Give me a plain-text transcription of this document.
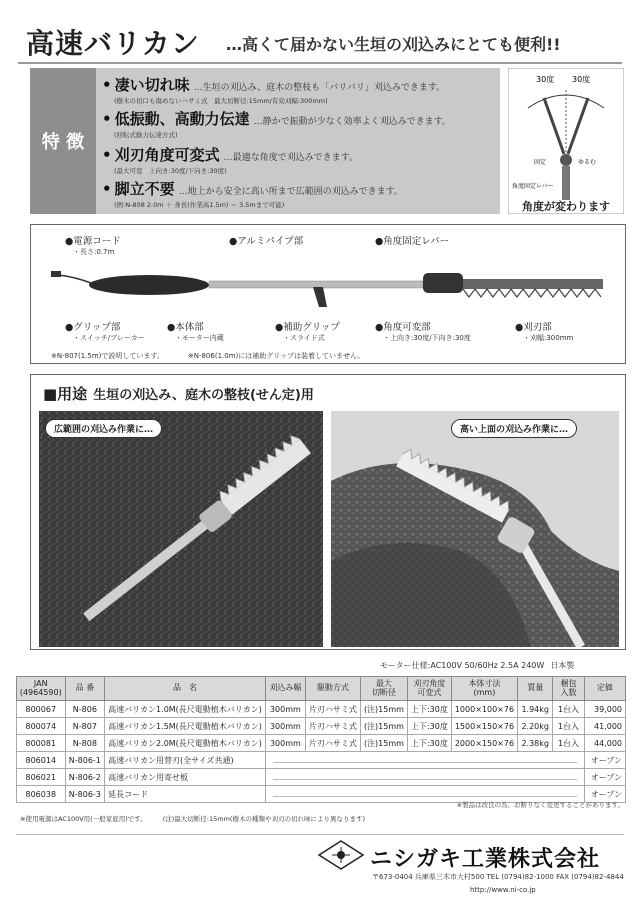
高速バリカン …高くて届かない生垣の刈込みにとても便利!!
特 徴
• 凄い切れ味 …生垣の刈込み、庭木の整枝も「バリバリ」刈込みできます。
(樹木の切口も傷めないハサミ式　最大切断径:15mm/有効刈幅:300mm)
• 低振動、高動力伝達 …静かで振動が少なく効率よく刈込みできます。
(回転式動力伝達方式)
• 刈刃角度可変式 …最適な角度で刈込みできます。
(最大可変　上向き:30度/下向き:30度)
• 脚立不要 …地上から安全に高い所まで広範囲の刈込みできます。
(例:N-808 2.0m ＋ 身長(作業高1.5m) ＝ 3.5mまで可能)
30度 30度
固定	ゆるむ
角度固定レバー
角度が変わります
●電源コード
・長さ:0.7m
●アルミパイプ部	●角度固定レバー
●グリップ部
・スイッチ/ブレーカー
●本体部
・モーター内蔵
●補助グリップ
・スライド式
●角度可変部
・上向き:30度/下向き:30度
●刈刃部
・刈幅:300mm
※N-807(1.5m)で説明しています。	※N-806(1.0m)には補助グリップは装着していません。
■用途 生垣の刈込み、庭木の整枝(せん定)用
広範囲の刈込み作業に…	高い上面の刈込み作業に…
モーター仕様:AC100V 50/60Hz 2.5A 240W 日本製
JAN
(4964590)	品 番	品　名	刈込み幅	駆動方式	最大
切断径	刈刃角度
可変式	本体寸法
(mm)	質量	梱包
入数	定価
800067	N-806	高速バリカン1.0M(長尺電動植木バリカン)	300mm	片刃ハサミ式	(注)15mm	上下:30度	1000×100×76	1.94kg	1台入	39,000
800074	N-807	高速バリカン1.5M(長尺電動植木バリカン)	300mm	片刃ハサミ式	(注)15mm	上下:30度	1500×150×76	2.20kg	1台入	41,000
800081	N-808	高速バリカン2.0M(長尺電動植木バリカン)	300mm	片刃ハサミ式	(注)15mm	上下:30度	2000×150×76	2.38kg	1台入	44,000
806014	N-806-1	高速バリカン用替刃(全サイズ共通)								オープン
806021	N-806-2	高速バリカン用寄せ板								オープン
806038	N-806-3	延長コード								オープン
※製品は改良の為、お断りなく変更することがあります。
※使用電源はAC100V用(一般家庭用)です。 (注)最大切断径:15mm(樹木の種類や刈刃の切れ味により異なります)
ニシガキ工業株式会社
〒673-0404 兵庫県三木市大村500 TEL (0794)82-1000 FAX (0794)82-4844
http://www.ni-co.jp
